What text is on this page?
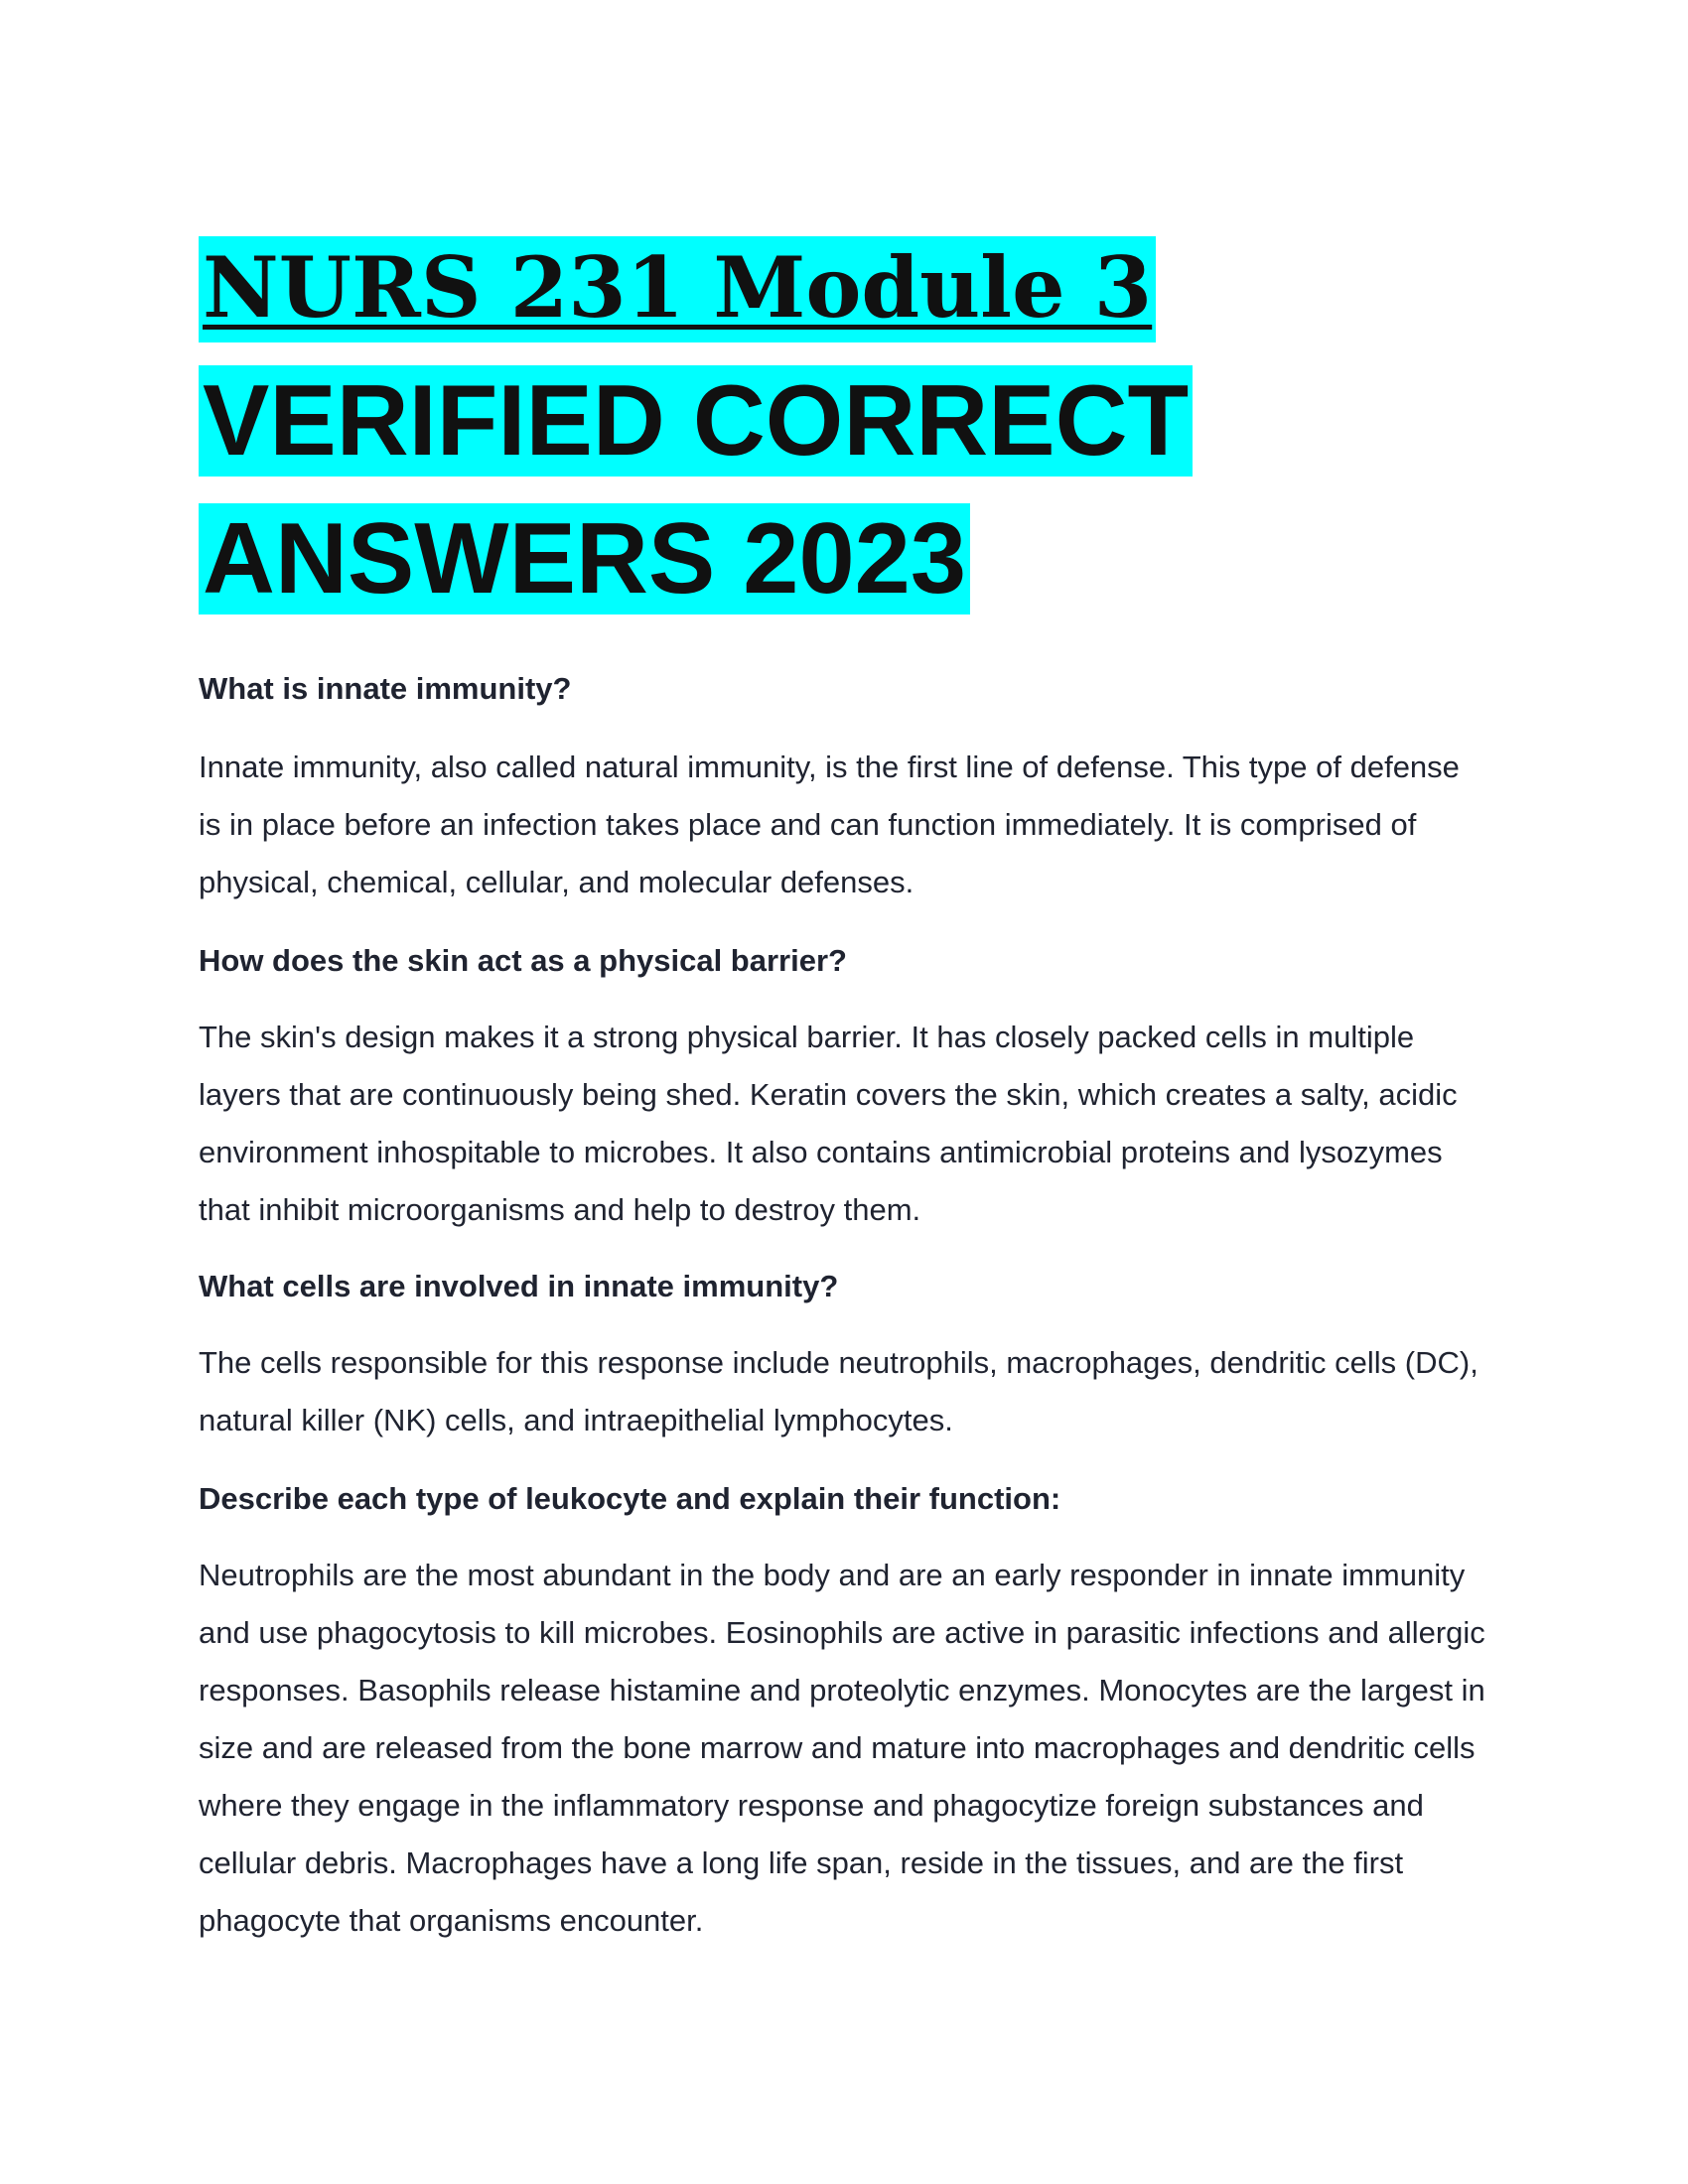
NURS 231 Module 3
VERIFIED CORRECT ANSWERS 2023

What is innate immunity?

Innate immunity, also called natural immunity, is the first line of defense. This type of defense is in place before an infection takes place and can function immediately. It is comprised of physical, chemical, cellular, and molecular defenses.

How does the skin act as a physical barrier?

The skin's design makes it a strong physical barrier. It has closely packed cells in multiple layers that are continuously being shed. Keratin covers the skin, which creates a salty, acidic environment inhospitable to microbes. It also contains antimicrobial proteins and lysozymes that inhibit microorganisms and help to destroy them.

What cells are involved in innate immunity?

The cells responsible for this response include neutrophils, macrophages, dendritic cells (DC), natural killer (NK) cells, and intraepithelial lymphocytes.

Describe each type of leukocyte and explain their function:

Neutrophils are the most abundant in the body and are an early responder in innate immunity and use phagocytosis to kill microbes. Eosinophils are active in parasitic infections and allergic responses. Basophils release histamine and proteolytic enzymes. Monocytes are the largest in size and are released from the bone marrow and mature into macrophages and dendritic cells where they engage in the inflammatory response and phagocytize foreign substances and cellular debris. Macrophages have a long life span, reside in the tissues, and are the first phagocyte that organisms encounter.
